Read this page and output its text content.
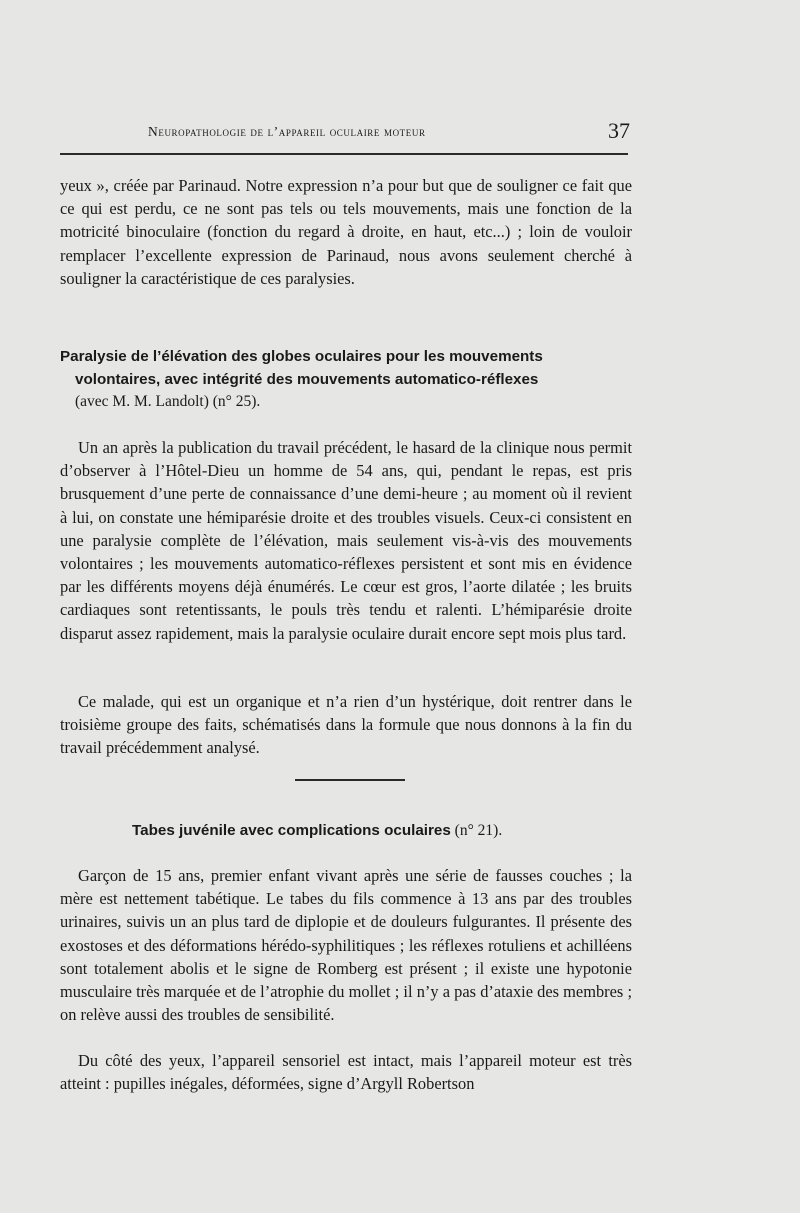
Neuropathologie de l’appareil oculaire moteur	37

yeux », créée par Parinaud. Notre expression n’a pour but que de souligner ce fait que ce qui est perdu, ce ne sont pas tels ou tels mouvements, mais une fonction de la motricité binoculaire (fonction du regard à droite, en haut, etc...) ; loin de vouloir remplacer l’excellente expression de Parinaud, nous avons seulement cherché à souligner la caractéristique de ces paralysies.

Paralysie de l’élévation des globes oculaires pour les mouvements
volontaires, avec intégrité des mouvements automatico-réflexes
(avec M. M. Landolt) (n° 25).

Un an après la publication du travail précédent, le hasard de la clinique nous permit d’observer à l’Hôtel-Dieu un homme de 54 ans, qui, pendant le repas, est pris brusquement d’une perte de connaissance d’une demi-heure ; au moment où il revient à lui, on constate une hémiparésie droite et des troubles visuels. Ceux-ci consistent en une paralysie complète de l’élévation, mais seulement vis-à-vis des mouvements volontaires ; les mouvements automatico-réflexes persistent et sont mis en évidence par les différents moyens déjà énumérés. Le cœur est gros, l’aorte dilatée ; les bruits cardiaques sont retentissants, le pouls très tendu et ralenti. L’hémiparésie droite disparut assez rapidement, mais la paralysie oculaire durait encore sept mois plus tard.

Ce malade, qui est un organique et n’a rien d’un hystérique, doit rentrer dans le troisième groupe des faits, schématisés dans la formule que nous donnons à la fin du travail précédemment analysé.

Tabes juvénile avec complications oculaires (n° 21).

Garçon de 15 ans, premier enfant vivant après une série de fausses couches ; la mère est nettement tabétique. Le tabes du fils commence à 13 ans par des troubles urinaires, suivis un an plus tard de diplopie et de douleurs fulgurantes. Il présente des exostoses et des déformations hérédo-syphilitiques ; les réflexes rotuliens et achilléens sont totalement abolis et le signe de Romberg est présent ; il existe une hypotonie musculaire très marquée et de l’atrophie du mollet ; il n’y a pas d’ataxie des membres ; on relève aussi des troubles de sensibilité.

Du côté des yeux, l’appareil sensoriel est intact, mais l’appareil moteur est très atteint : pupilles inégales, déformées, signe d’Argyll Robertson
